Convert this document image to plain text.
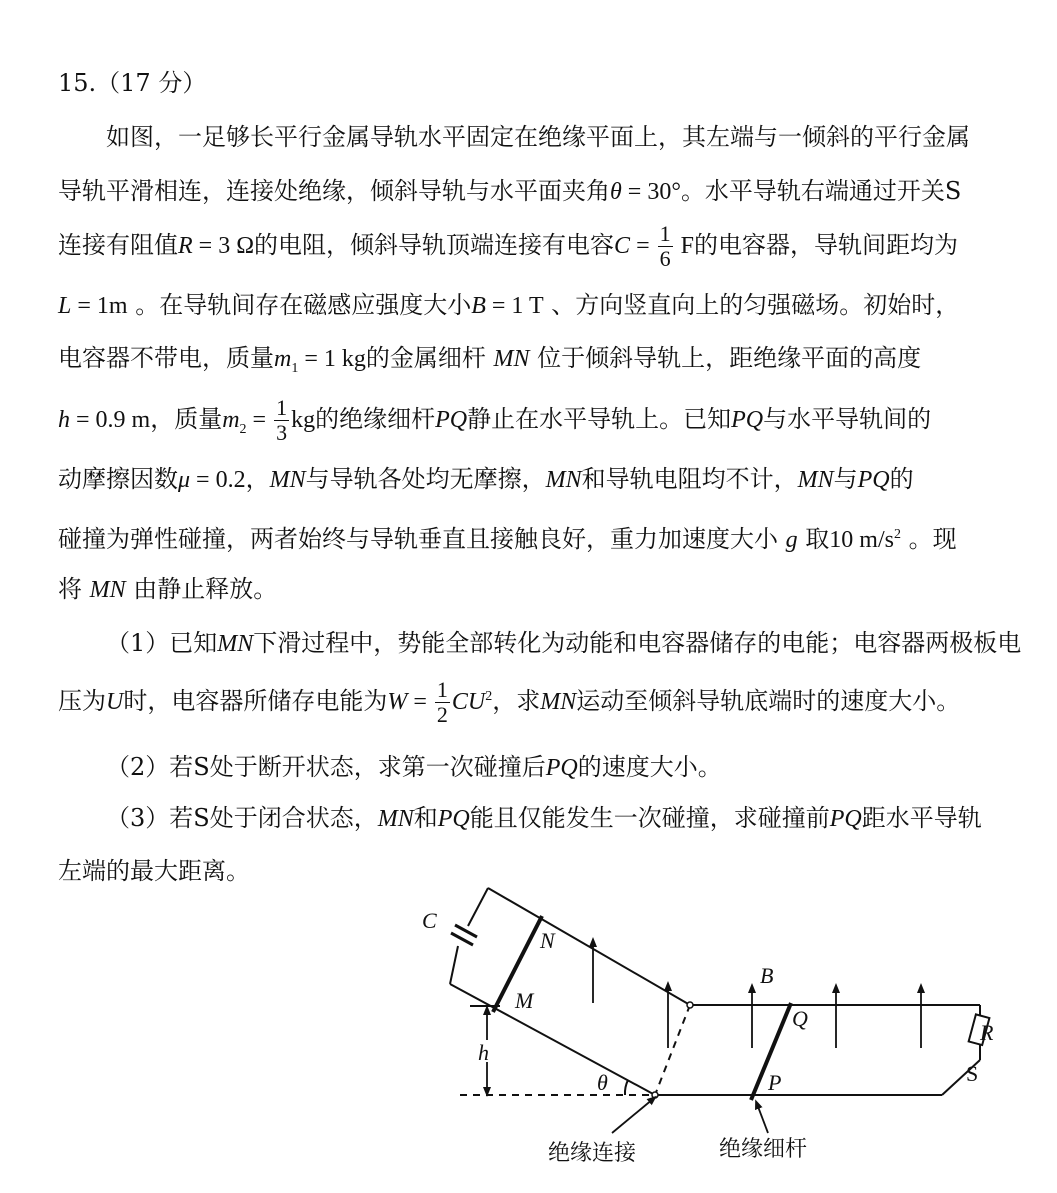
15.（17 分）
如图，一足够长平行金属导轨水平固定在绝缘平面上，其左端与一倾斜的平行金属
导轨平滑相连，连接处绝缘，倾斜导轨与水平面夹角θ = 30°。水平导轨右端通过开关S
连接有阻值R = 3 Ω的电阻，倾斜导轨顶端连接有电容$C = \frac{1}{6}$ F的电容器，导轨间距均为
L = 1m 。在导轨间存在磁感应强度大小B = 1 T 、方向竖直向上的匀强磁场。初始时，
电容器不带电，质量$m_1 = 1$ kg的金属细杆 MN 位于倾斜导轨上，距绝缘平面的高度
h = 0.9 m，质量$m_2 = \frac{1}{3}$ kg的绝缘细杆PQ静止在水平导轨上。已知PQ与水平导轨间的
动摩擦因数μ = 0.2，MN与导轨各处均无摩擦，MN和导轨电阻均不计，MN与PQ的
碰撞为弹性碰撞，两者始终与导轨垂直且接触良好，重力加速度大小 g 取10 $m/s^2$ 。现
将 MN 由静止释放。
（1）已知MN下滑过程中，势能全部转化为动能和电容器储存的电能；电容器两极板电
压为U时，电容器所储存电能为$W = \frac{1}{2} CU^2$，求MN运动至倾斜导轨底端时的速度大小。
（2）若S处于断开状态，求第一次碰撞后PQ的速度大小。
（3）若S处于闭合状态，MN和PQ能且仅能发生一次碰撞，求碰撞前PQ距水平导轨
左端的最大距离。
C
N
M
h
θ
B
Q
P
R
S
绝缘连接	绝缘细杆
